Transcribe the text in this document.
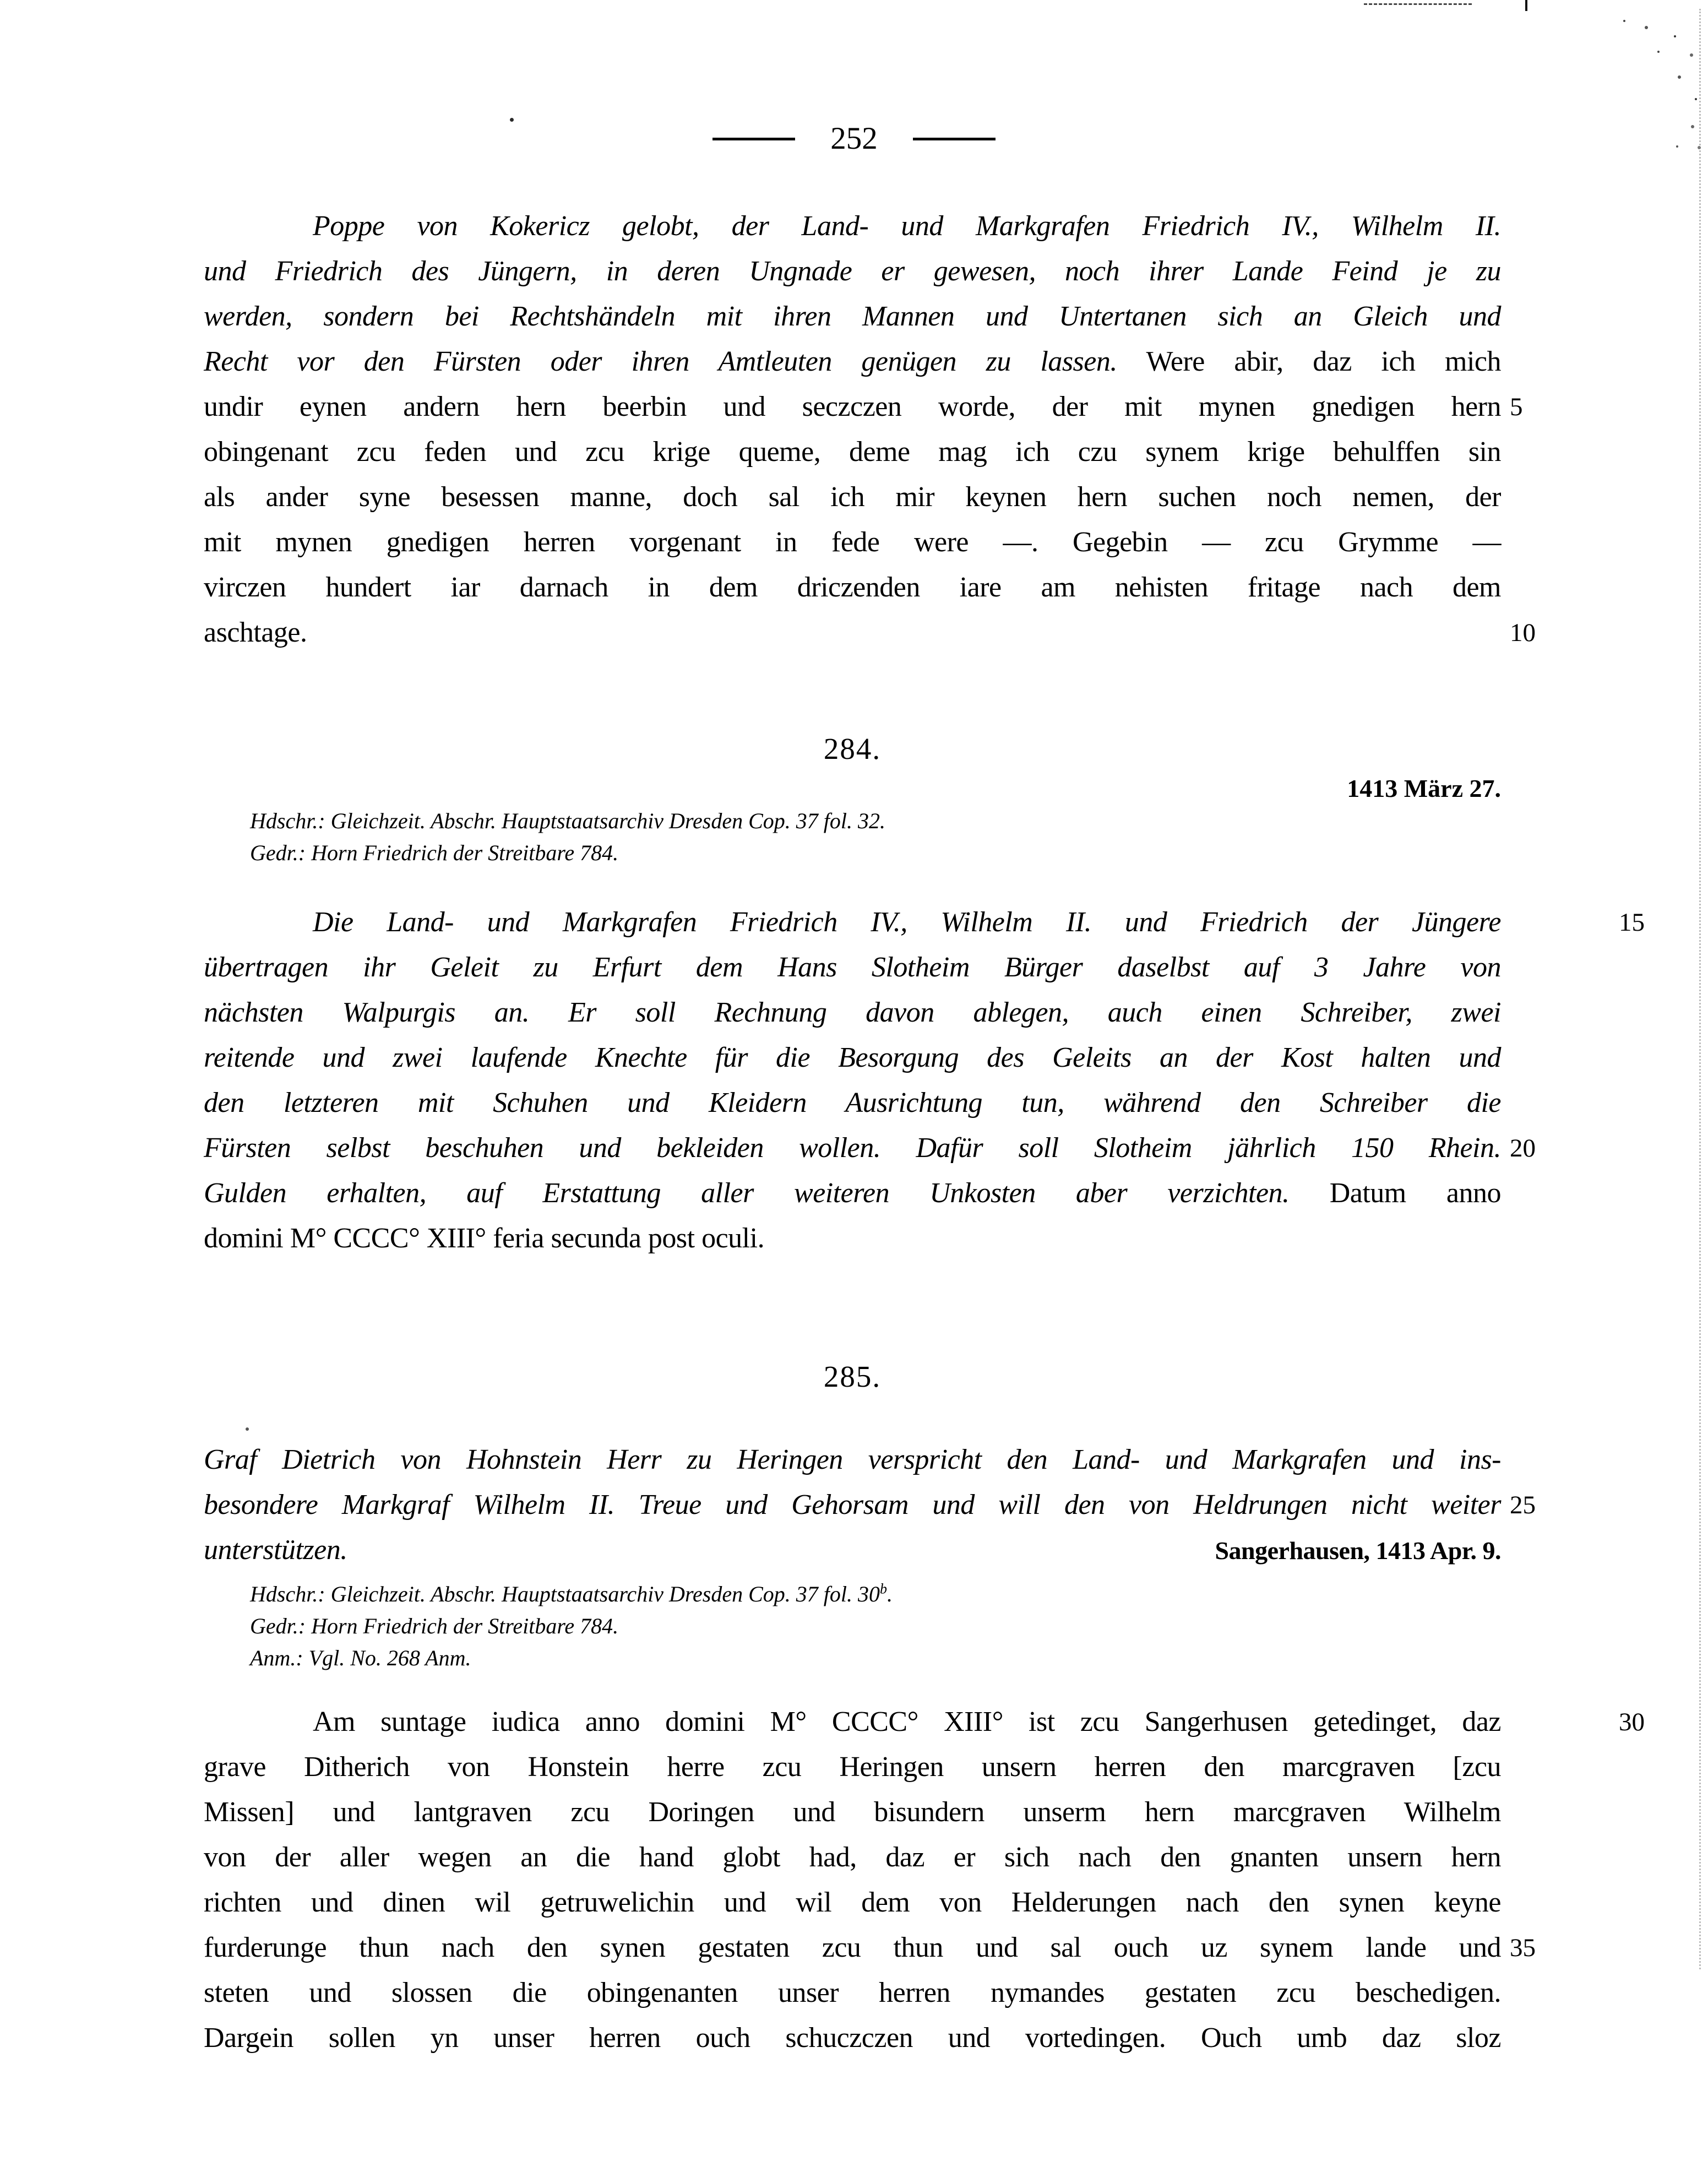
252
Poppe von Kokericz gelobt, der Land- und Markgrafen Friedrich IV., Wilhelm II.
und Friedrich des Jüngern, in deren Ungnade er gewesen, noch ihrer Lande Feind je zu
werden, sondern bei Rechtshändeln mit ihren Mannen und Untertanen sich an Gleich und
Recht vor den Fürsten oder ihren Amtleuten genügen zu lassen. Were abir, daz ich mich
undir eynen andern hern beerbin und seczczen worde, der mit mynen gnedigen hern 5
obingenant zcu feden und zcu krige queme, deme mag ich czu synem krige behulffen sin
als ander syne besessen manne, doch sal ich mir keynen hern suchen noch nemen, der
mit mynen gnedigen herren vorgenant in fede were —. Gegebin — zcu Grymme —
virczen hundert iar darnach in dem driczenden iare am nehisten fritage nach dem
aschtage.	10
284.
1413 März 27.
Hdschr.: Gleichzeit. Abschr. Hauptstaatsarchiv Dresden Cop. 37 fol. 32.
Gedr.: Horn Friedrich der Streitbare 784.
Die Land- und Markgrafen Friedrich IV., Wilhelm II. und Friedrich der Jüngere	15
übertragen ihr Geleit zu Erfurt dem Hans Slotheim Bürger daselbst auf 3 Jahre von
nächsten Walpurgis an. Er soll Rechnung davon ablegen, auch einen Schreiber, zwei
reitende und zwei laufende Knechte für die Besorgung des Geleits an der Kost halten und
den letzteren mit Schuhen und Kleidern Ausrichtung tun, während den Schreiber die
Fürsten selbst beschuhen und bekleiden wollen. Dafür soll Slotheim jährlich 150 Rhein. 20
Gulden erhalten, auf Erstattung aller weiteren Unkosten aber verzichten. Datum anno
domini M° CCCC° XIII° feria secunda post oculi.
285.
Graf Dietrich von Hohnstein Herr zu Heringen verspricht den Land- und Markgrafen und ins-
besondere Markgraf Wilhelm II. Treue und Gehorsam und will den von Heldrungen nicht weiter 25
unterstützen.	Sangerhausen, 1413 Apr. 9.
Hdschr.: Gleichzeit. Abschr. Hauptstaatsarchiv Dresden Cop. 37 fol. 30$^b$.
Gedr.: Horn Friedrich der Streitbare 784.
Anm.: Vgl. No. 268 Anm.
Am suntage iudica anno domini M° CCCC° XIII° ist zcu Sangerhusen getedinget, daz	30
grave Ditherich von Honstein herre zcu Heringen unsern herren den marcgraven [zcu
Missen] und lantgraven zcu Doringen und bisundern unserm hern marcgraven Wilhelm
von der aller wegen an die hand globt had, daz er sich nach den gnanten unsern hern
richten und dinen wil getruwelichin und wil dem von Helderungen nach den synen keyne
furderunge thun nach den synen gestaten zcu thun und sal ouch uz synem lande und 35
steten und slossen die obingenanten unser herren nymandes gestaten zcu beschedigen.
Dargein sollen yn unser herren ouch schuczczen und vortedingen. Ouch umb daz sloz
